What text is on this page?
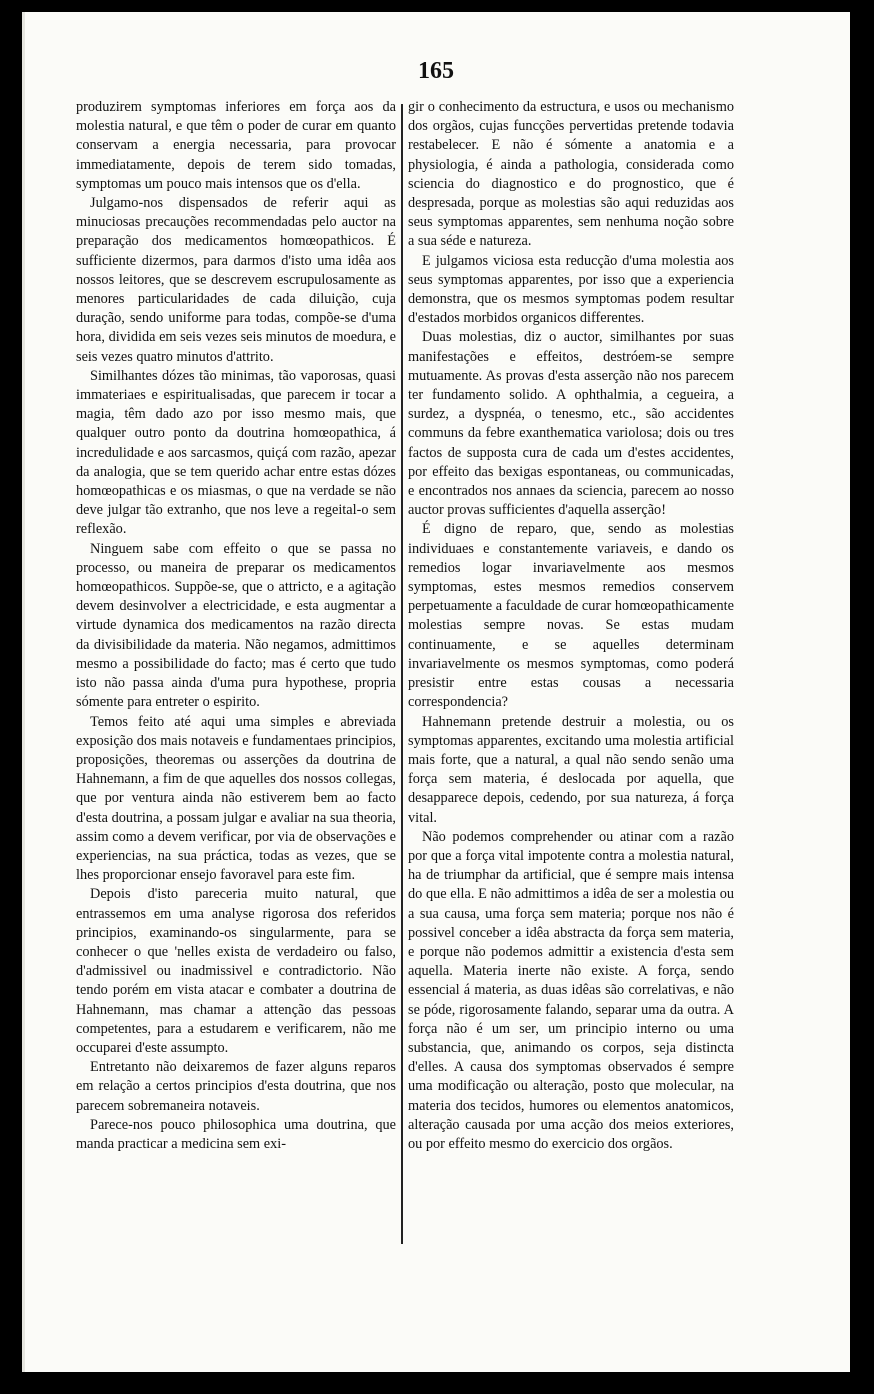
165

produzirem symptomas inferiores em força aos da molestia natural, e que têm o poder de curar em quanto conservam a energia necessaria, para provocar immediatamente, depois de terem sido tomadas, symptomas um pouco mais intensos que os d'ella.

Julgamo-nos dispensados de referir aqui as minuciosas precauções recommendadas pelo auctor na preparação dos medicamentos homœopathicos. É sufficiente dizermos, para darmos d'isto uma idêa aos nossos leitores, que se descrevem escrupulosamente as menores particularidades de cada diluição, cuja duração, sendo uniforme para todas, compõe-se d'uma hora, dividida em seis vezes seis minutos de moedura, e seis vezes quatro minutos d'attrito.

Similhantes dózes tão minimas, tão vaporosas, quasi immateriaes e espiritualisadas, que parecem ir tocar a magia, têm dado azo por isso mesmo mais, que qualquer outro ponto da doutrina homœopathica, á incredulidade e aos sarcasmos, quiçá com razão, apezar da analogia, que se tem querido achar entre estas dózes homœopathicas e os miasmas, o que na verdade se não deve julgar tão extranho, que nos leve a regeital-o sem reflexão.

Ninguem sabe com effeito o que se passa no processo, ou maneira de preparar os medicamentos homœopathicos. Suppõe-se, que o attricto, e a agitação devem desinvolver a electricidade, e esta augmentar a virtude dynamica dos medicamentos na razão directa da divisibilidade da materia. Não negamos, admittimos mesmo a possibilidade do facto; mas é certo que tudo isto não passa ainda d'uma pura hypothese, propria sómente para entreter o espirito.

Temos feito até aqui uma simples e abreviada exposição dos mais notaveis e fundamentaes principios, proposições, theoremas ou asserções da doutrina de Hahnemann, a fim de que aquelles dos nossos collegas, que por ventura ainda não estiverem bem ao facto d'esta doutrina, a possam julgar e avaliar na sua theoria, assim como a devem verificar, por via de observações e experiencias, na sua práctica, todas as vezes, que se lhes proporcionar ensejo favoravel para este fim.

Depois d'isto pareceria muito natural, que entrassemos em uma analyse rigorosa dos referidos principios, examinando-os singularmente, para se conhecer o que 'nelles exista de verdadeiro ou falso, d'admissivel ou inadmissivel e contradictorio. Não tendo porém em vista atacar e combater a doutrina de Hahnemann, mas chamar a attenção das pessoas competentes, para a estudarem e verificarem, não me occuparei d'este assumpto.

Entretanto não deixaremos de fazer alguns reparos em relação a certos principios d'esta doutrina, que nos parecem sobremaneira notaveis.

Parece-nos pouco philosophica uma doutrina, que manda practicar a medicina sem exi-

gir o conhecimento da estructura, e usos ou mechanismo dos orgãos, cujas funcções pervertidas pretende todavia restabelecer. E não é sómente a anatomia e a physiologia, é ainda a pathologia, considerada como sciencia do diagnostico e do prognostico, que é despresada, porque as molestias são aqui reduzidas aos seus symptomas apparentes, sem nenhuma noção sobre a sua séde e natureza.

E julgamos viciosa esta reducção d'uma molestia aos seus symptomas apparentes, por isso que a experiencia demonstra, que os mesmos symptomas podem resultar d'estados morbidos organicos differentes.

Duas molestias, diz o auctor, similhantes por suas manifestações e effeitos, destróem-se sempre mutuamente. As provas d'esta asserção não nos parecem ter fundamento solido. A ophthalmia, a cegueira, a surdez, a dyspnéa, o tenesmo, etc., são accidentes communs da febre exanthematica variolosa; dois ou tres factos de supposta cura de cada um d'estes accidentes, por effeito das bexigas espontaneas, ou communicadas, e encontrados nos annaes da sciencia, parecem ao nosso auctor provas sufficientes d'aquella asserção!

É digno de reparo, que, sendo as molestias individuaes e constantemente variaveis, e dando os remedios logar invariavelmente aos mesmos symptomas, estes mesmos remedios conservem perpetuamente a faculdade de curar homœopathicamente molestias sempre novas. Se estas mudam continuamente, e se aquelles determinam invariavelmente os mesmos symptomas, como poderá presistir entre estas cousas a necessaria correspondencia?

Hahnemann pretende destruir a molestia, ou os symptomas apparentes, excitando uma molestia artificial mais forte, que a natural, a qual não sendo senão uma força sem materia, é deslocada por aquella, que desapparece depois, cedendo, por sua natureza, á força vital.

Não podemos comprehender ou atinar com a razão por que a força vital impotente contra a molestia natural, ha de triumphar da artificial, que é sempre mais intensa do que ella. E não admittimos a idêa de ser a molestia ou a sua causa, uma força sem materia; porque nos não é possivel conceber a idêa abstracta da força sem materia, e porque não podemos admittir a existencia d'esta sem aquella. Materia inerte não existe. A força, sendo essencial á materia, as duas idêas são correlativas, e não se póde, rigorosamente falando, separar uma da outra. A força não é um ser, um principio interno ou uma substancia, que, animando os corpos, seja distincta d'elles. A causa dos symptomas observados é sempre uma modificação ou alteração, posto que molecular, na materia dos tecidos, humores ou elementos anatomicos, alteração causada por uma acção dos meios exteriores, ou por effeito mesmo do exercicio dos orgãos.
